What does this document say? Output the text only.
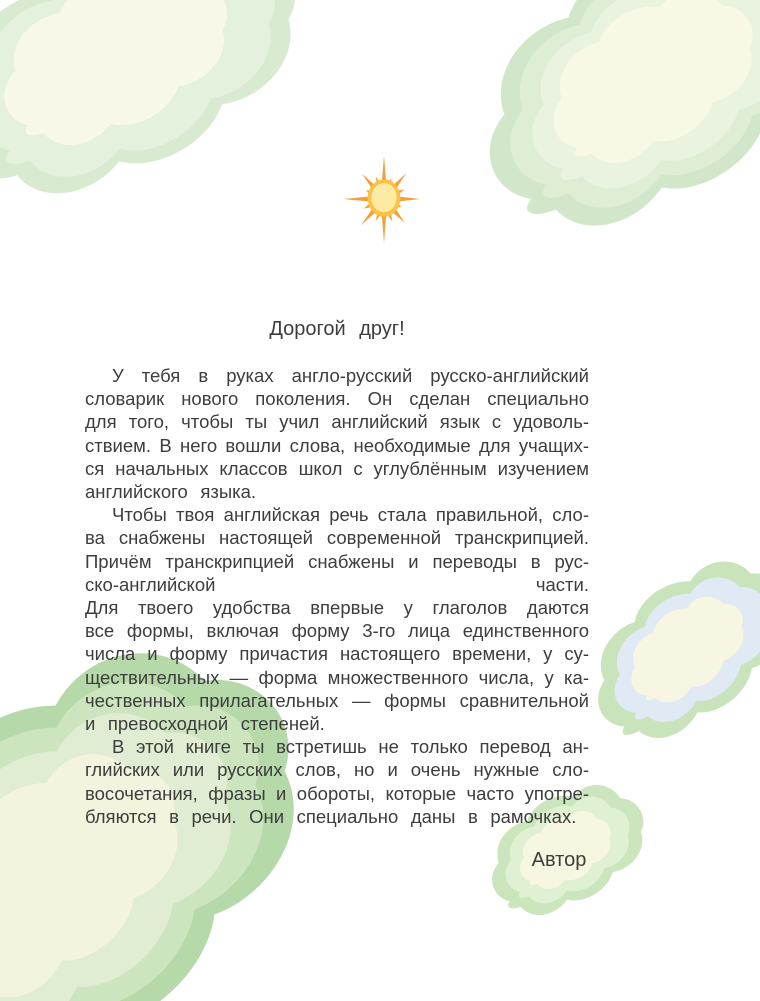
Дорогой друг!
У тебя в руках англо-русский русско-английский
словарик нового поколения. Он сделан специально
для того, чтобы ты учил английский язык с удоволь-
ствием. В него вошли слова, необходимые для учащих-
ся начальных классов школ с углублённым изучением
английского языка.
Чтобы твоя английская речь стала правильной, сло-
ва снабжены настоящей современной транскрипцией.
Причём транскрипцией снабжены и переводы в рус-
ско-английской части.
Для твоего удобства впервые у глаголов даются
все формы, включая форму 3-го лица единственного
числа и форму причастия настоящего времени, у су-
ществительных — форма множественного числа, у ка-
чественных прилагательных — формы сравнительной
и превосходной степеней.
В этой книге ты встретишь не только перевод ан-
глийских или русских слов, но и очень нужные сло-
восочетания, фразы и обороты, которые часто употре-
бляются в речи. Они специально даны в рамочках.
Автор
